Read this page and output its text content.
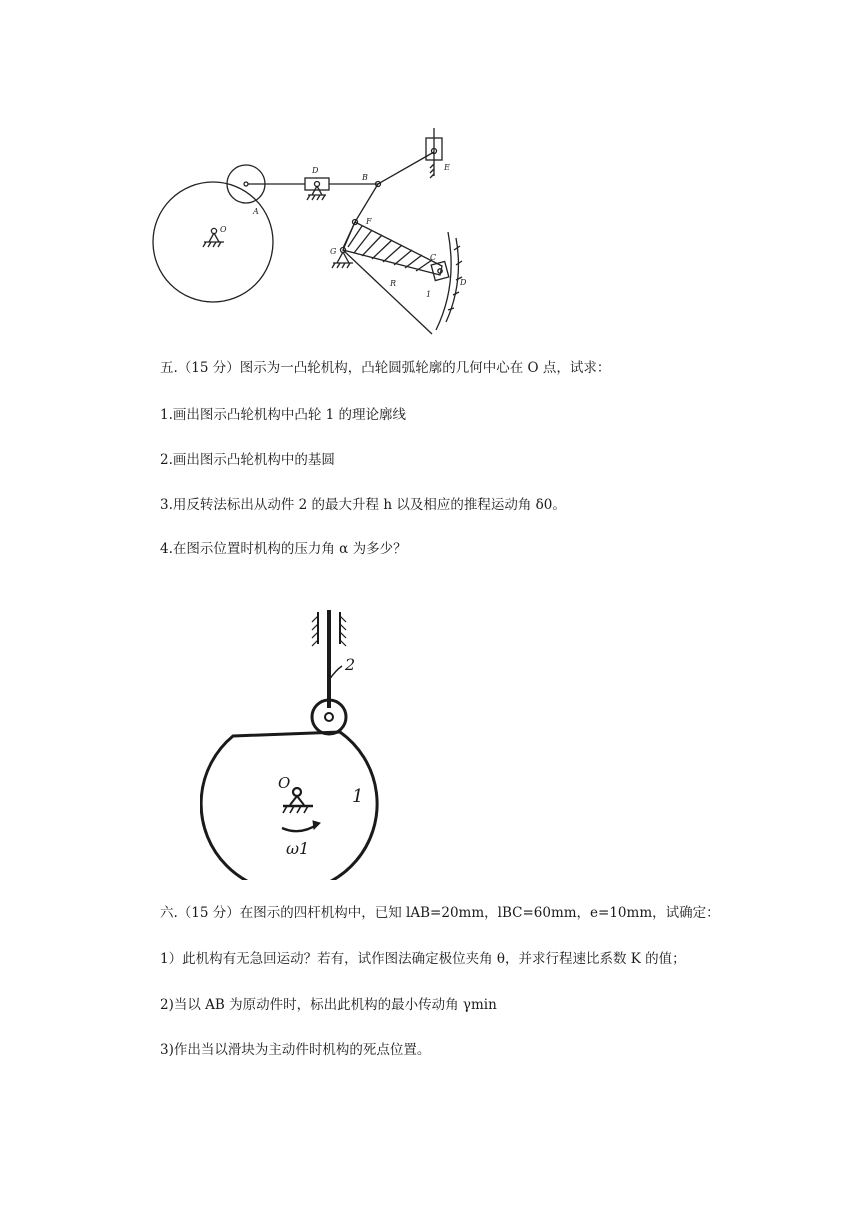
O
A
D
B
E
F
G
C
D
R
1
五.（15 分）图示为一凸轮机构，凸轮圆弧轮廓的几何中心在 O 点，试求：
1.画出图示凸轮机构中凸轮 1 的理论廓线
2.画出图示凸轮机构中的基圆
3.用反转法标出从动件 2 的最大升程 h 以及相应的推程运动角 δ0。
4.在图示位置时机构的压力角 α 为多少？
2
1
O
ω1
六.（15 分）在图示的四杆机构中，已知 lAB=20mm，lBC=60mm，e=10mm，试确定：
1）此机构有无急回运动？若有，试作图法确定极位夹角 θ，并求行程速比系数 K 的值；
2)当以 AB 为原动件时，标出此机构的最小传动角 γmin
3)作出当以滑块为主动件时机构的死点位置。
